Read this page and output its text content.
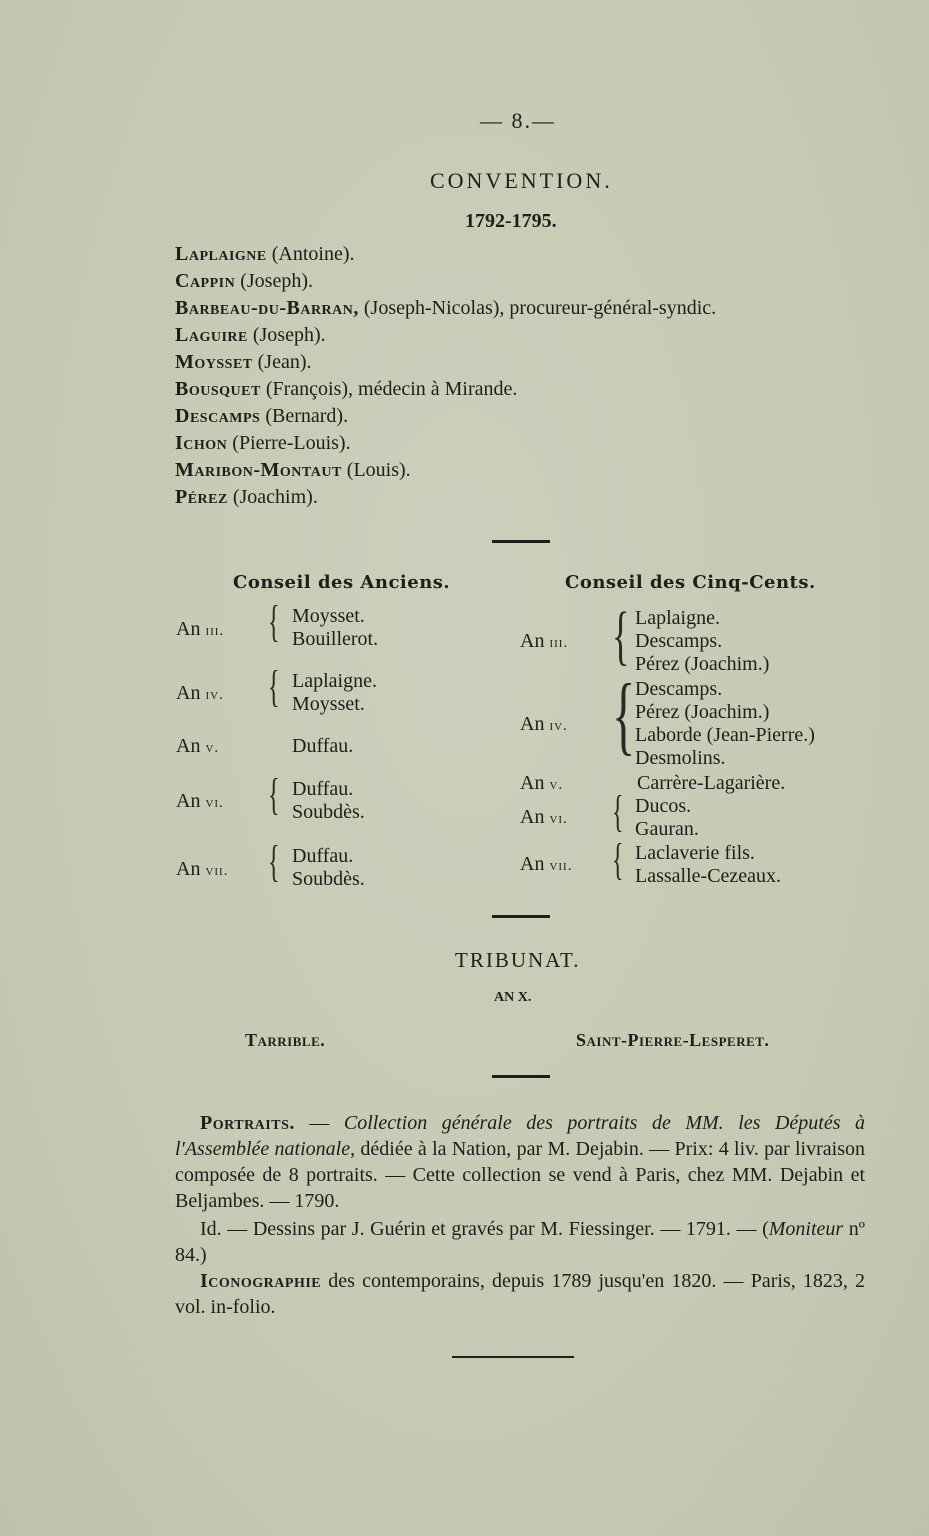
— 8.—
CONVENTION.
1792-1795.
Laplaigne (Antoine).
Cappin (Joseph).
Barbeau-du-Barran, (Joseph-Nicolas), procureur-général-syndic.
Laguire (Joseph).
Moysset (Jean).
Bousquet (François), médecin à Mirande.
Descamps (Bernard).
Ichon (Pierre-Louis).
Maribon-Montaut (Louis).
Pérez (Joachim).
Conseil des Anciens.
An iii. { Moysset.
Bouillerot.
An iv. { Laplaigne.
Moysset.
An v.	Duffau.
An vi. { Duffau.
Soubdès.
An vii. { Duffau.
Soubdès.
Conseil des Cinq-Cents.
An iii. { Laplaigne.
Descamps.
Pérez (Joachim.)
An iv. { Descamps.
Pérez (Joachim.)
Laborde (Jean-Pierre.)
Desmolins.
An v.	Carrère-Lagarière.
An vi. { Ducos.
Gauran.
An vii. { Laclaverie fils.
Lassalle-Cezeaux.
TRIBUNAT.
AN X.
Tarrible.	Saint-Pierre-Lesperet.
Portraits. — Collection générale des portraits de MM. les Députés à l'Assemblée nationale, dédiée à la Nation, par M. Dejabin. — Prix: 4 liv. par livraison composée de 8 portraits. — Cette collection se vend à Paris, chez MM. Dejabin et Beljambes. — 1790.
Id. — Dessins par J. Guérin et gravés par M. Fiessinger. — 1791. — (Moniteur nº 84.)
Iconographie des contemporains, depuis 1789 jusqu'en 1820. — Paris, 1823, 2 vol. in-folio.
